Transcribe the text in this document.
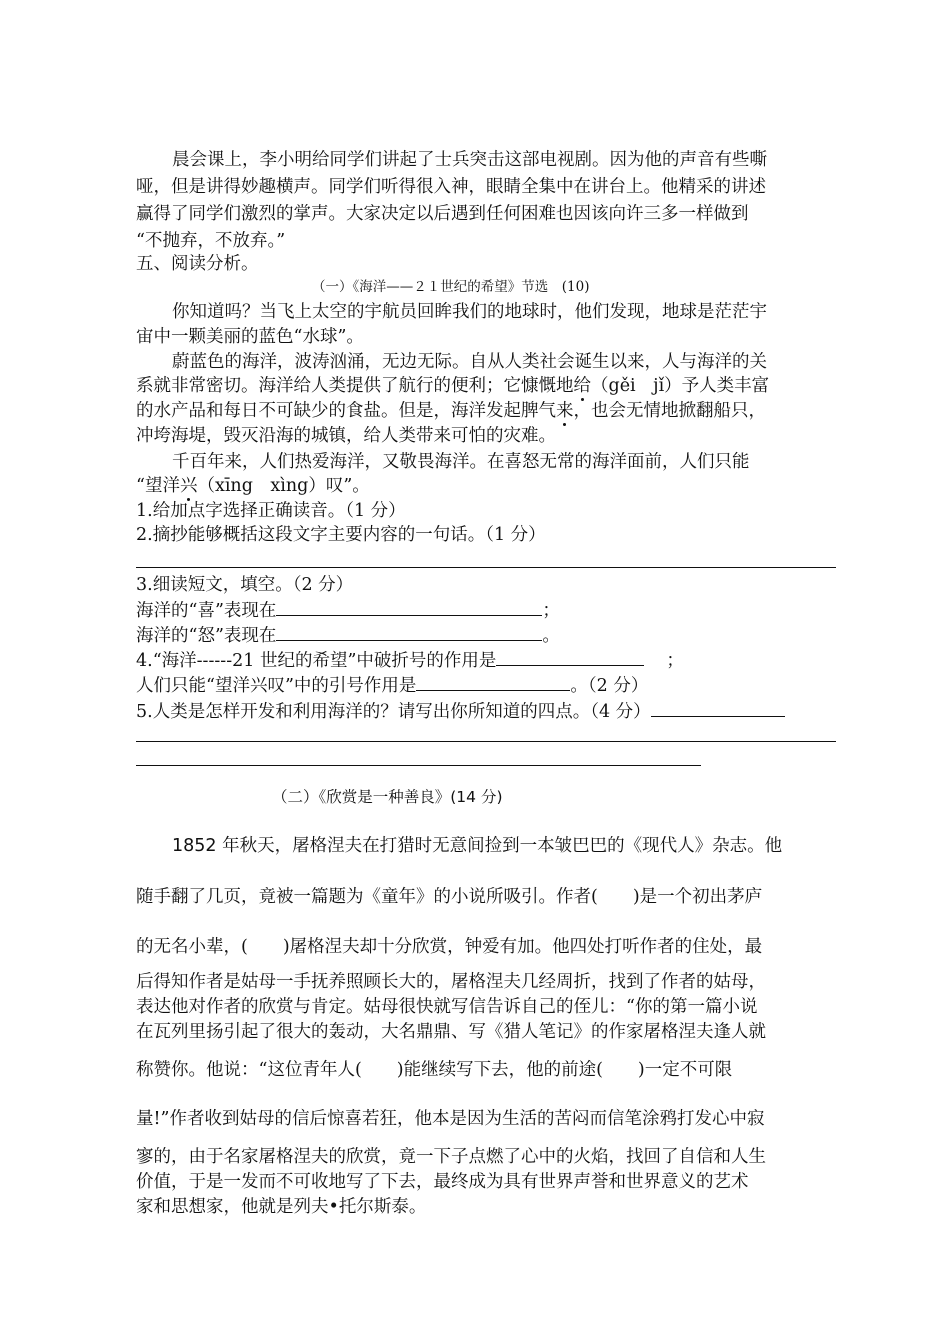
晨会课上，李小明给同学们讲起了士兵突击这部电视剧。因为他的声音有些嘶
哑，但是讲得妙趣横声。同学们听得很入神，眼睛全集中在讲台上。他精采的讲述
赢得了同学们激烈的掌声。大家决定以后遇到任何困难也因该向许三多一样做到
“不抛弃，不放弃。”
五、阅读分析。
（一）《海洋——２１世纪的希望》节选　(10)
你知道吗？当飞上太空的宇航员回眸我们的地球时，他们发现，地球是茫茫宇
宙中一颗美丽的蓝色“水球”。
蔚蓝色的海洋，波涛汹涌，无边无际。自从人类社会诞生以来，人与海洋的关
系就非常密切。海洋给人类提供了航行的便利；它慷慨地给（gěi　jǐ）予人类丰富
的水产品和每日不可缺少的食盐。但是，海洋发起脾气来，也会无情地掀翻船只，
冲垮海堤，毁灭沿海的城镇，给人类带来可怕的灾难。
千百年来，人们热爱海洋，又敬畏海洋。在喜怒无常的海洋面前，人们只能
“望洋兴（xīng　xìng）叹”。
1.给加点字选择正确读音。（1 分）
2.摘抄能够概括这段文字主要内容的一句话。（1 分）
3.细读短文，填空。（2 分）
海洋的“喜”表现在	；
海洋的“怒”表现在	。
4.“海洋------21 世纪的希望”中破折号的作用是	；
人们只能“望洋兴叹”中的引号作用是	。（2 分）
5.人类是怎样开发和利用海洋的？请写出你所知道的四点。（4 分）
（二）《欣赏是一种善良》(14 分)
1852 年秋天，屠格涅夫在打猎时无意间捡到一本皱巴巴的《现代人》杂志。他
随手翻了几页，竟被一篇题为《童年》的小说所吸引。作者(　　)是一个初出茅庐
的无名小辈，(　　)屠格涅夫却十分欣赏，钟爱有加。他四处打听作者的住处，最
后得知作者是姑母一手抚养照顾长大的，屠格涅夫几经周折，找到了作者的姑母，
表达他对作者的欣赏与肯定。姑母很快就写信告诉自己的侄儿：“你的第一篇小说
在瓦列里扬引起了很大的轰动，大名鼎鼎、写《猎人笔记》的作家屠格涅夫逢人就
称赞你。他说：“这位青年人(　　)能继续写下去，他的前途(　　)一定不可限
量!”作者收到姑母的信后惊喜若狂，他本是因为生活的苦闷而信笔涂鸦打发心中寂
寥的，由于名家屠格涅夫的欣赏，竟一下子点燃了心中的火焰，找回了自信和人生
价值，于是一发而不可收地写了下去，最终成为具有世界声誉和世界意义的艺术
家和思想家，他就是列夫•托尔斯泰。
